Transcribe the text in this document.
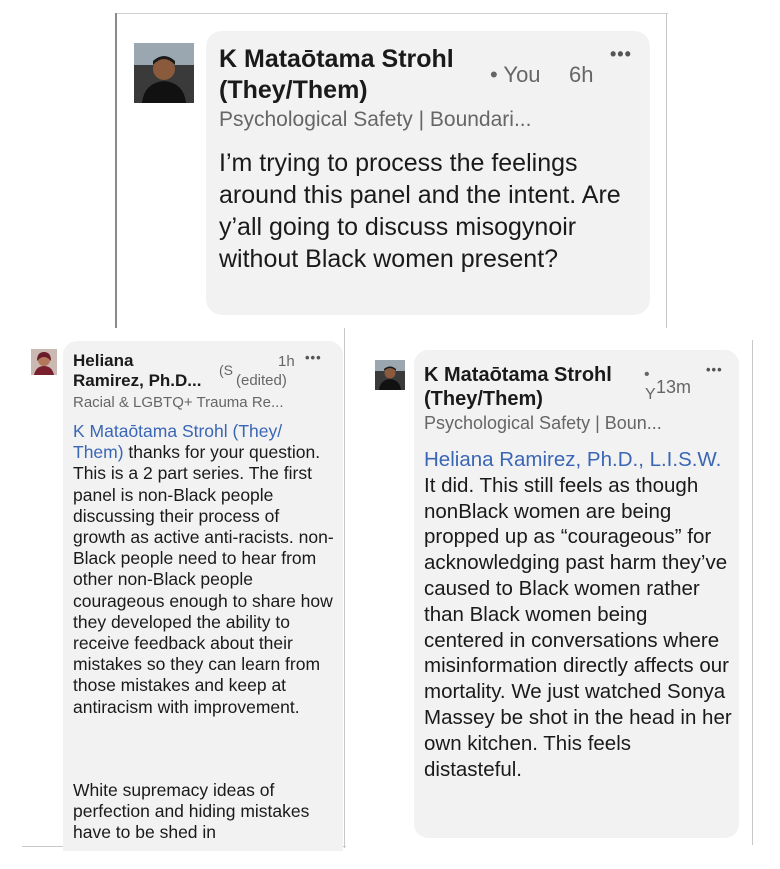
K Mataōtama Strohl
(They/Them)
• You 6h
•••
Psychological Safety | Boundari...
I’m trying to process the feelings around this panel and the intent. Are y’all going to discuss misogynoir without Black women present?
Heliana
Ramirez, Ph.D...
(S	1h •••
(edited)
Racial & LGBTQ+ Trauma Re...
K Mataōtama Strohl (They/ Them) thanks for your question. This is a 2 part series. The first panel is non-Black people discussing their process of growth as active anti-racists. non-Black people need to hear from other non-Black people courageous enough to share how they developed the ability to receive feedback about their mistakes so they can learn from those mistakes and keep at antiracism with improvement.
White supremacy ideas of perfection and hiding mistakes have to be shed in
K Mataōtama Strohl
(They/Them)
•
Y 13m
•••
Psychological Safety | Boun...
Heliana Ramirez, Ph.D., L.I.S.W. It did. This still feels as though nonBlack women are being propped up as “courageous” for acknowledging past harm they’ve caused to Black women rather than Black women being centered in conversations where misinformation directly affects our mortality. We just watched Sonya Massey be shot in the head in her own kitchen. This feels distasteful.
